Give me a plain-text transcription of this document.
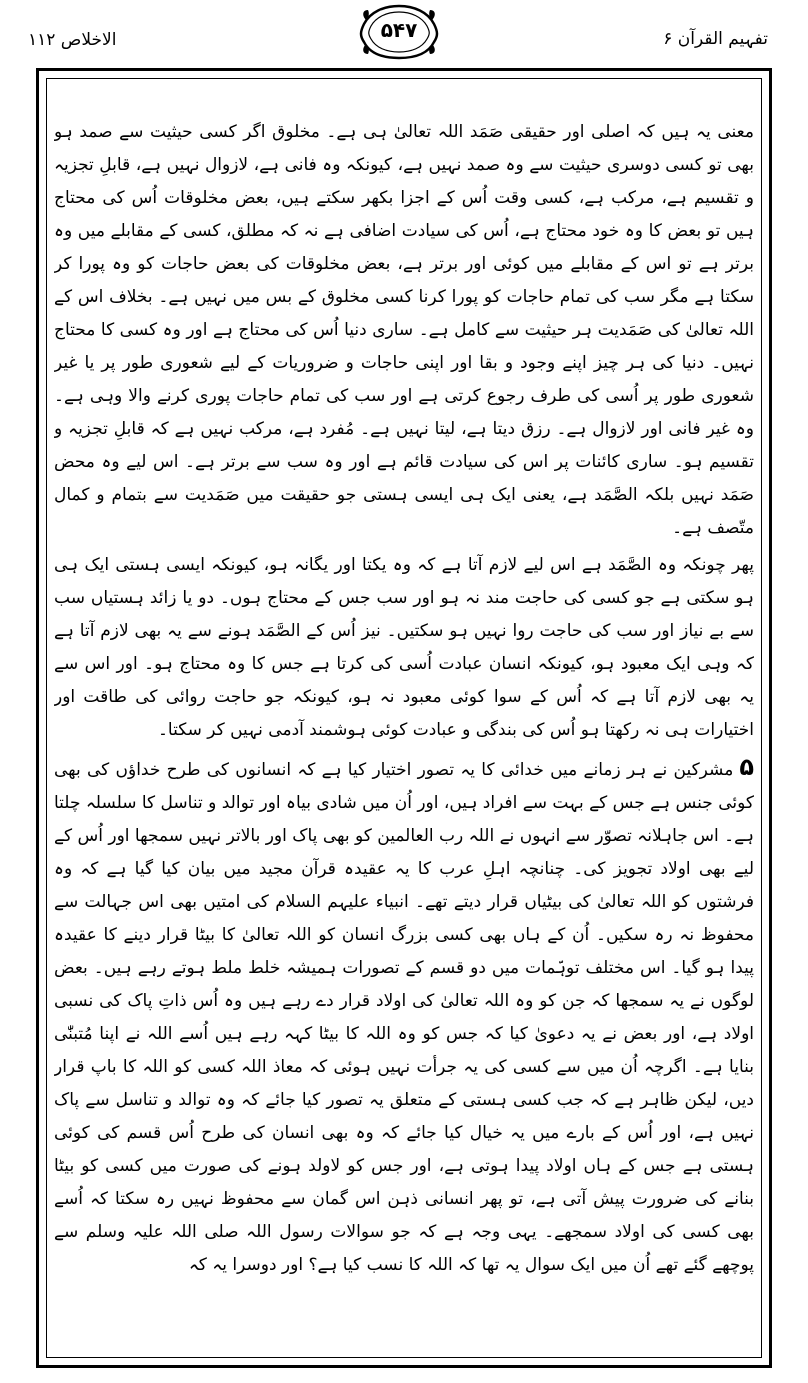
تفہیم القرآن ۶
۵۴۷
الاخلاص ۱۱۲

معنی یہ ہیں کہ اصلی اور حقیقی صَمَد اللہ تعالیٰ ہی ہے۔ مخلوق اگر کسی حیثیت سے صمد ہو بھی تو کسی دوسری حیثیت سے وہ صمد نہیں ہے، کیونکہ وہ فانی ہے، لازوال نہیں ہے، قابلِ تجزیہ و تقسیم ہے، مرکب ہے، کسی وقت اُس کے اجزا بکھر سکتے ہیں، بعض مخلوقات اُس کی محتاج ہیں تو بعض کا وہ خود محتاج ہے، اُس کی سیادت اضافی ہے نہ کہ مطلق، کسی کے مقابلے میں وہ برتر ہے تو اس کے مقابلے میں کوئی اور برتر ہے، بعض مخلوقات کی بعض حاجات کو وہ پورا کر سکتا ہے مگر سب کی تمام حاجات کو پورا کرنا کسی مخلوق کے بس میں نہیں ہے۔ بخلاف اس کے اللہ تعالیٰ کی صَمَدیت ہر حیثیت سے کامل ہے۔ ساری دنیا اُس کی محتاج ہے اور وہ کسی کا محتاج نہیں۔ دنیا کی ہر چیز اپنے وجود و بقا اور اپنی حاجات و ضروریات کے لیے شعوری طور پر یا غیر شعوری طور پر اُسی کی طرف رجوع کرتی ہے اور سب کی تمام حاجات پوری کرنے والا وہی ہے۔ وہ غیر فانی اور لازوال ہے۔ رزق دیتا ہے، لیتا نہیں ہے۔ مُفرد ہے، مرکب نہیں ہے کہ قابلِ تجزیہ و تقسیم ہو۔ ساری کائنات پر اس کی سیادت قائم ہے اور وہ سب سے برتر ہے۔ اس لیے وہ محض صَمَد نہیں بلکہ الصَّمَد ہے، یعنی ایک ہی ایسی ہستی جو حقیقت میں صَمَدیت سے بتمام و کمال متّصف ہے۔

پھر چونکہ وہ الصَّمَد ہے اس لیے لازم آتا ہے کہ وہ یکتا اور یگانہ ہو، کیونکہ ایسی ہستی ایک ہی ہو سکتی ہے جو کسی کی حاجت مند نہ ہو اور سب جس کے محتاج ہوں۔ دو یا زائد ہستیاں سب سے بے نیاز اور سب کی حاجت روا نہیں ہو سکتیں۔ نیز اُس کے الصَّمَد ہونے سے یہ بھی لازم آتا ہے کہ وہی ایک معبود ہو، کیونکہ انسان عبادت اُسی کی کرتا ہے جس کا وہ محتاج ہو۔ اور اس سے یہ بھی لازم آتا ہے کہ اُس کے سوا کوئی معبود نہ ہو، کیونکہ جو حاجت روائی کی طاقت اور اختیارات ہی نہ رکھتا ہو اُس کی بندگی و عبادت کوئی ہوشمند آدمی نہیں کر سکتا۔

۵مشرکین نے ہر زمانے میں خدائی کا یہ تصور اختیار کیا ہے کہ انسانوں کی طرح خداؤں کی بھی کوئی جنس ہے جس کے بہت سے افراد ہیں، اور اُن میں شادی بیاہ اور توالد و تناسل کا سلسلہ چلتا ہے۔ اس جاہلانہ تصوّر سے انہوں نے اللہ رب العالمین کو بھی پاک اور بالاتر نہیں سمجھا اور اُس کے لیے بھی اولاد تجویز کی۔ چنانچہ اہلِ عرب کا یہ عقیدہ قرآن مجید میں بیان کیا گیا ہے کہ وہ فرشتوں کو اللہ تعالیٰ کی بیٹیاں قرار دیتے تھے۔ انبیاء علیہم السلام کی امتیں بھی اس جہالت سے محفوظ نہ رہ سکیں۔ اُن کے ہاں بھی کسی بزرگ انسان کو اللہ تعالیٰ کا بیٹا قرار دینے کا عقیدہ پیدا ہو گیا۔ اس مختلف توہّمات میں دو قسم کے تصورات ہمیشہ خلط ملط ہوتے رہے ہیں۔ بعض لوگوں نے یہ سمجھا کہ جن کو وہ اللہ تعالیٰ کی اولاد قرار دے رہے ہیں وہ اُس ذاتِ پاک کی نسبی اولاد ہے، اور بعض نے یہ دعویٰ کیا کہ جس کو وہ اللہ کا بیٹا کہہ رہے ہیں اُسے اللہ نے اپنا مُتبنّٰی بنایا ہے۔ اگرچہ اُن میں سے کسی کی یہ جرأت نہیں ہوئی کہ معاذ اللہ کسی کو اللہ کا باپ قرار دیں، لیکن ظاہر ہے کہ جب کسی ہستی کے متعلق یہ تصور کیا جائے کہ وہ توالد و تناسل سے پاک نہیں ہے، اور اُس کے بارے میں یہ خیال کیا جائے کہ وہ بھی انسان کی طرح اُس قسم کی کوئی ہستی ہے جس کے ہاں اولاد پیدا ہوتی ہے، اور جس کو لاولد ہونے کی صورت میں کسی کو بیٹا بنانے کی ضرورت پیش آتی ہے، تو پھر انسانی ذہن اس گمان سے محفوظ نہیں رہ سکتا کہ اُسے بھی کسی کی اولاد سمجھے۔ یہی وجہ ہے کہ جو سوالات رسول اللہ صلی اللہ علیہ وسلم سے پوچھے گئے تھے اُن میں ایک سوال یہ تھا کہ اللہ کا نسب کیا ہے؟ اور دوسرا یہ کہ
